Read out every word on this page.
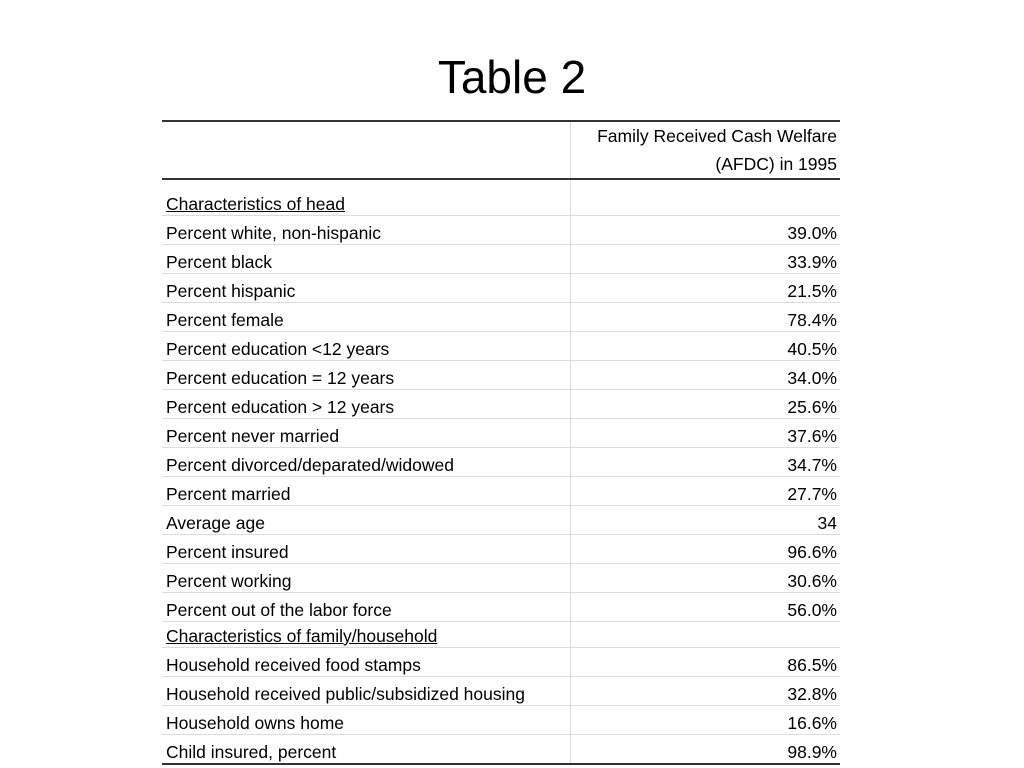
Table 2

	Family Received Cash Welfare
(AFDC) in 1995

Characteristics of head	
Percent white, non-hispanic	39.0%
Percent black	33.9%
Percent hispanic	21.5%
Percent female	78.4%
Percent education <12 years	40.5%
Percent education = 12 years	34.0%
Percent education > 12 years	25.6%
Percent never married	37.6%
Percent divorced/deparated/widowed	34.7%
Percent married	27.7%
Average age	34
Percent insured	96.6%
Percent working	30.6%
Percent out of the labor force	56.0%
Characteristics of family/household	
Household received food stamps	86.5%
Household received public/subsidized housing	32.8%
Household owns home	16.6%
Child insured, percent	98.9%
